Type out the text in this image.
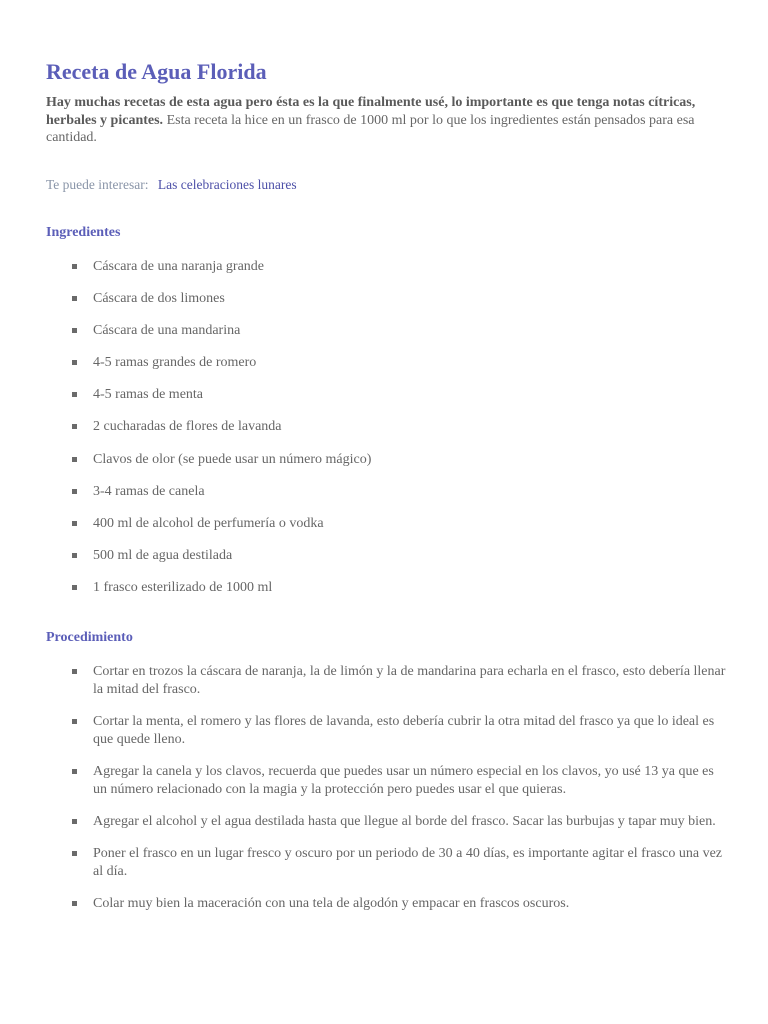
Receta de Agua Florida

Hay muchas recetas de esta agua pero ésta es la que finalmente usé, lo importante es que tenga notas cítricas, herbales y picantes. Esta receta la hice en un frasco de 1000 ml por lo que los ingredientes están pensados para esa cantidad.

Te puede interesar: Las celebraciones lunares
Ingredientes
Cáscara de una naranja grande
Cáscara de dos limones
Cáscara de una mandarina
4-5 ramas grandes de romero
4-5 ramas de menta
2 cucharadas de flores de lavanda
Clavos de olor (se puede usar un número mágico)
3-4 ramas de canela
400 ml de alcohol de perfumería o vodka
500 ml de agua destilada
1 frasco esterilizado de 1000 ml
Procedimiento
Cortar en trozos la cáscara de naranja, la de limón y la de mandarina para echarla en el frasco, esto debería llenar la mitad del frasco.
Cortar la menta, el romero y las flores de lavanda, esto debería cubrir la otra mitad del frasco ya que lo ideal es que quede lleno.
Agregar la canela y los clavos, recuerda que puedes usar un número especial en los clavos, yo usé 13 ya que es un número relacionado con la magia y la protección pero puedes usar el que quieras.
Agregar el alcohol y el agua destilada hasta que llegue al borde del frasco. Sacar las burbujas y tapar muy bien.
Poner el frasco en un lugar fresco y oscuro por un periodo de 30 a 40 días, es importante agitar el frasco una vez al día.
Colar muy bien la maceración con una tela de algodón y empacar en frascos oscuros.
